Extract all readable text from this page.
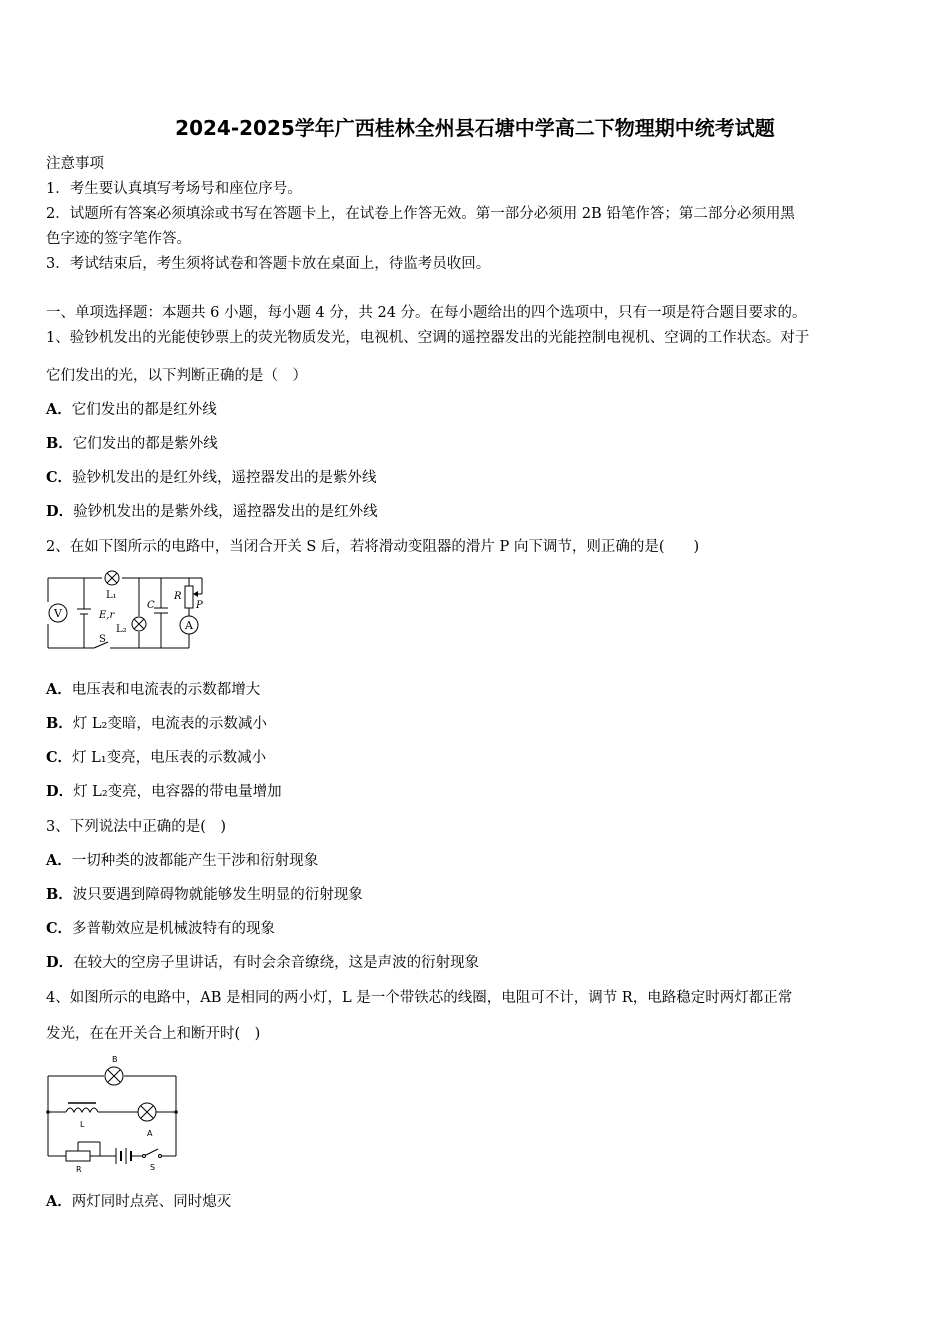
2024-2025学年广西桂林全州县石塘中学高二下物理期中统考试题
注意事项
1．考生要认真填写考场号和座位序号。
2．试题所有答案必须填涂或书写在答题卡上，在试卷上作答无效。第一部分必须用 2B 铅笔作答；第二部分必须用黑
色字迹的签字笔作答。
3．考试结束后，考生须将试卷和答题卡放在桌面上，待监考员收回。
一、单项选择题：本题共 6 小题，每小题 4 分，共 24 分。在每小题给出的四个选项中，只有一项是符合题目要求的。
1、验钞机发出的光能使钞票上的荧光物质发光，电视机、空调的遥控器发出的光能控制电视机、空调的工作状态。对于
它们发出的光，以下判断正确的是（　）
A．它们发出的都是红外线
B．它们发出的都是紫外线
C．验钞机发出的是红外线，遥控器发出的是紫外线
D．验钞机发出的是紫外线，遥控器发出的是红外线
2、在如下图所示的电路中，当闭合开关 S 后，若将滑动变阻器的滑片 P 向下调节，则正确的是(　　)
V
A
L₁
L₂
E,r
S
C
R
P
A．电压表和电流表的示数都增大
B．灯 L₂变暗，电流表的示数减小
C．灯 L₁变亮，电压表的示数减小
D．灯 L₂变亮，电容器的带电量增加
3、下列说法中正确的是(　)
A．一切种类的波都能产生干涉和衍射现象
B．波只要遇到障碍物就能够发生明显的衍射现象
C．多普勒效应是机械波特有的现象
D．在较大的空房子里讲话，有时会余音缭绕，这是声波的衍射现象
4、如图所示的电路中，AB 是相同的两小灯，L 是一个带铁芯的线圈，电阻可不计，调节 R，电路稳定时两灯都正常
发光，在在开关合上和断开时(　)
B
L
A
R	S
A．两灯同时点亮、同时熄灭
